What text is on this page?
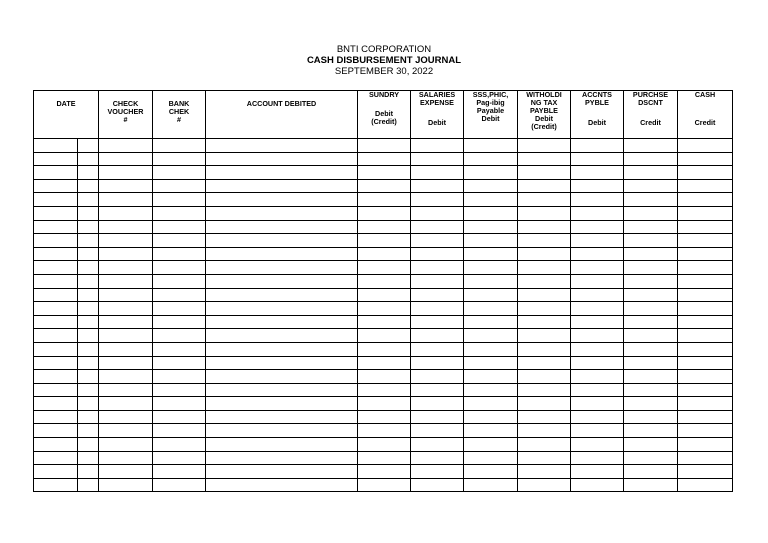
BNTI CORPORATION
CASH DISBURSEMENT JOURNAL
SEPTEMBER 30, 2022
DATE		CHECK
VOUCHER
#	BANK
CHEK
#	ACCOUNT DEBITED	SUNDRY
Debit
(Credit)	SALARIES
EXPENSE
Debit	SSS,PHIC,
Pag-ibig
Payable
Debit	WITHOLDI
NG TAX
PAYBLE
Debit
(Credit)	ACCNTS
PYBLE
Debit	PURCHSE
DSCNT
Credit	CASH
Credit
